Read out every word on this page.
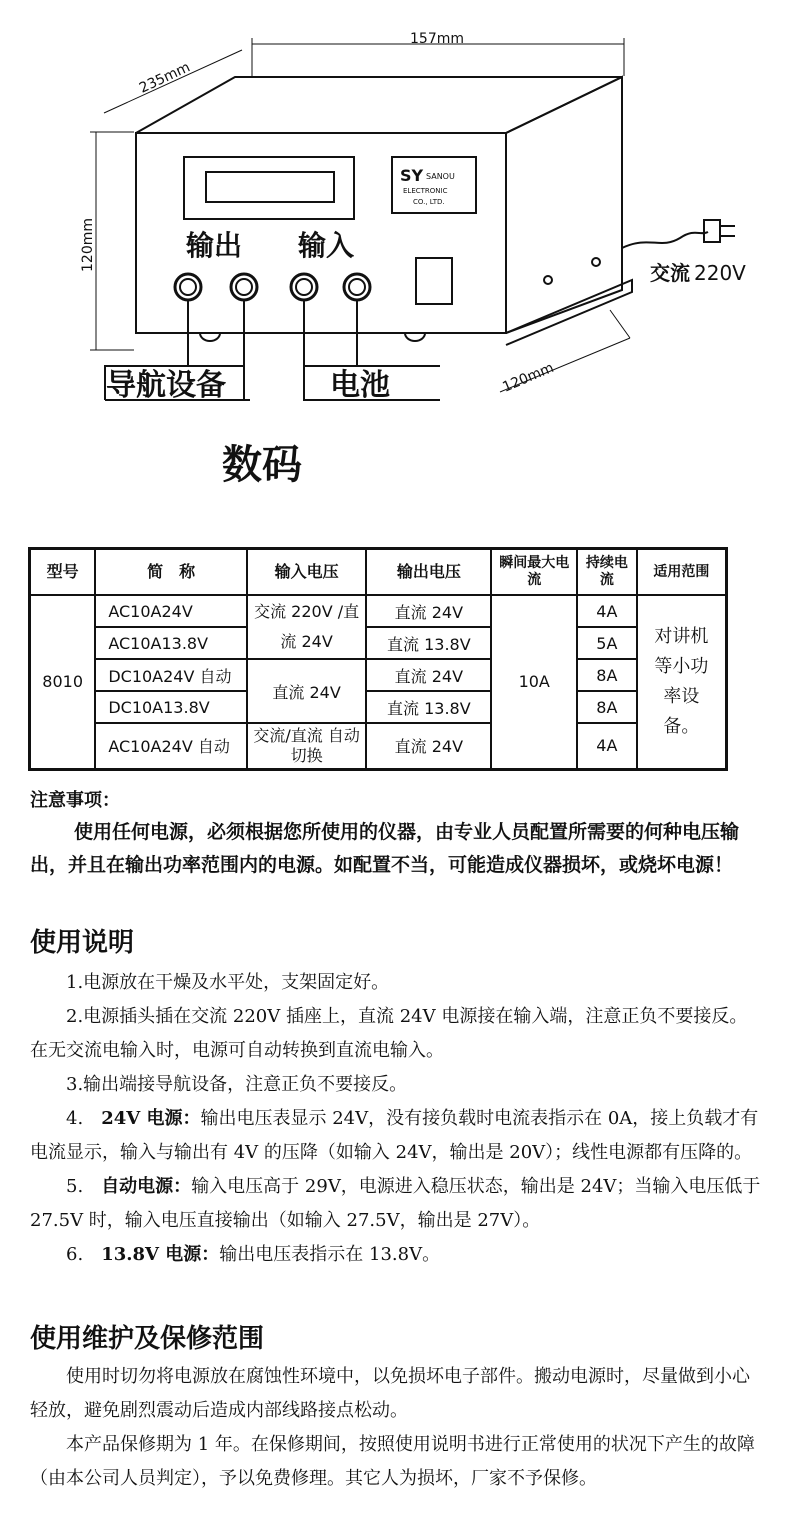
157mm
235mm
120mm
120mm
SY SANOU
ELECTRONIC
CO., LTD.
输出 输入
交流 220V
导航设备	电池
数码
型号	简　称	输入电压	输出电压	瞬间最大电流	持续电流	适用范围
8010	AC10A24V	交流 220V /直流 24V	直流 24V	10A	4A	对讲机等小功率设备。
	AC10A13.8V		直流 13.8V		5A	
	DC10A24V 自动	直流 24V	直流 24V		8A	
	DC10A13.8V		直流 13.8V		8A	
	AC10A24V 自动	交流/直流 自动切换	直流 24V		4A	
注意事项：
使用任何电源，必须根据您所使用的仪器，由专业人员配置所需要的何种电压输出，并且在输出功率范围内的电源。如配置不当，可能造成仪器损坏，或烧坏电源！
使用说明
1.电源放在干燥及水平处，支架固定好。
2.电源插头插在交流 220V 插座上，直流 24V 电源接在输入端，注意正负不要接反。在无交流电输入时，电源可自动转换到直流电输入。
3.输出端接导航设备，注意正负不要接反。
4.　 24V 电源：输出电压表显示 24V，没有接负载时电流表指示在 0A，接上负载才有电流显示，输入与输出有 4V 的压降（如输入 24V，输出是 20V）；线性电源都有压降的。
5.　 自动电源：输入电压高于 29V，电源进入稳压状态，输出是 24V；当输入电压低于 27.5V 时，输入电压直接输出（如输入 27.5V，输出是 27V）。
6.　 13.8V 电源：输出电压表指示在 13.8V。
使用维护及保修范围
使用时切勿将电源放在腐蚀性环境中，以免损坏电子部件。搬动电源时，尽量做到小心轻放，避免剧烈震动后造成内部线路接点松动。
本产品保修期为 1 年。在保修期间，按照使用说明书进行正常使用的状况下产生的故障（由本公司人员判定），予以免费修理。其它人为损坏，厂家不予保修。
